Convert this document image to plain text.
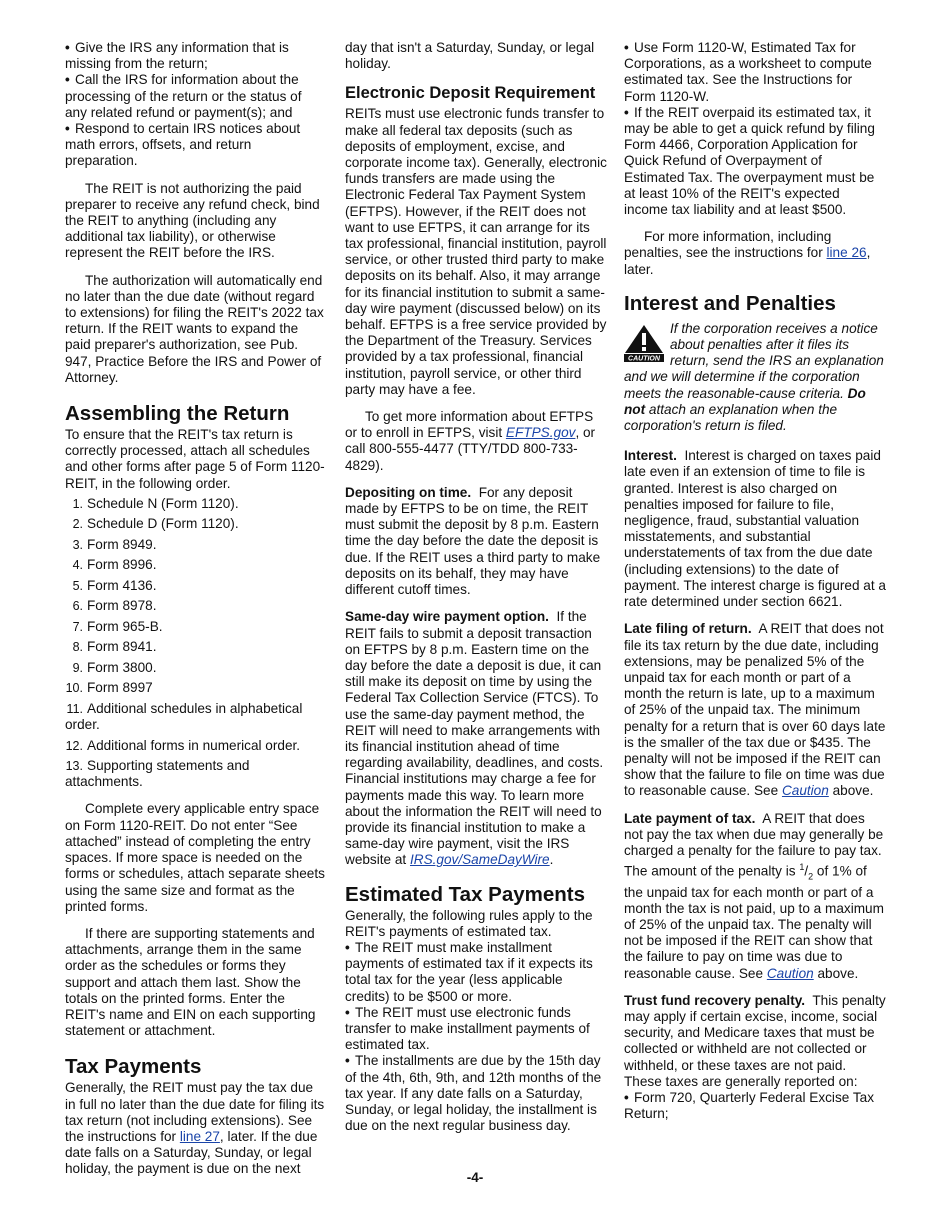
• Give the IRS any information that is missing from the return;

• Call the IRS for information about the processing of the return or the status of any related refund or payment(s); and

• Respond to certain IRS notices about math errors, offsets, and return preparation.

The REIT is not authorizing the paid preparer to receive any refund check, bind the REIT to anything (including any additional tax liability), or otherwise represent the REIT before the IRS.

The authorization will automatically end no later than the due date (without regard to extensions) for filing the REIT's 2022 tax return. If the REIT wants to expand the paid preparer's authorization, see Pub. 947, Practice Before the IRS and Power of Attorney.

Assembling the Return

To ensure that the REIT's tax return is correctly processed, attach all schedules and other forms after page 5 of Form 1120-REIT, in the following order.

1. Schedule N (Form 1120).
2. Schedule D (Form 1120).
3. Form 8949.
4. Form 8996.
5. Form 4136.
6. Form 8978.
7. Form 965-B.
8. Form 8941.
9. Form 3800.
10. Form 8997
11. Additional schedules in alphabetical order.
12. Additional forms in numerical order.
13. Supporting statements and attachments.

Complete every applicable entry space on Form 1120-REIT. Do not enter “See attached” instead of completing the entry spaces. If more space is needed on the forms or schedules, attach separate sheets using the same size and format as the printed forms.

If there are supporting statements and attachments, arrange them in the same order as the schedules or forms they support and attach them last. Show the totals on the printed forms. Enter the REIT's name and EIN on each supporting statement or attachment.

Tax Payments

Generally, the REIT must pay the tax due in full no later than the due date for filing its tax return (not including extensions). See the instructions for line 27, later. If the due date falls on a Saturday, Sunday, or legal holiday, the payment is due on the next

day that isn't a Saturday, Sunday, or legal holiday.

Electronic Deposit Requirement

REITs must use electronic funds transfer to make all federal tax deposits (such as deposits of employment, excise, and corporate income tax). Generally, electronic funds transfers are made using the Electronic Federal Tax Payment System (EFTPS). However, if the REIT does not want to use EFTPS, it can arrange for its tax professional, financial institution, payroll service, or other trusted third party to make deposits on its behalf. Also, it may arrange for its financial institution to submit a same-day wire payment (discussed below) on its behalf. EFTPS is a free service provided by the Department of the Treasury. Services provided by a tax professional, financial institution, payroll service, or other third party may have a fee.

To get more information about EFTPS or to enroll in EFTPS, visit EFTPS.gov, or call 800-555-4477 (TTY/TDD 800-733-4829).

Depositing on time. For any deposit made by EFTPS to be on time, the REIT must submit the deposit by 8 p.m. Eastern time the day before the date the deposit is due. If the REIT uses a third party to make deposits on its behalf, they may have different cutoff times.

Same-day wire payment option. If the REIT fails to submit a deposit transaction on EFTPS by 8 p.m. Eastern time on the day before the date a deposit is due, it can still make its deposit on time by using the Federal Tax Collection Service (FTCS). To use the same-day payment method, the REIT will need to make arrangements with its financial institution ahead of time regarding availability, deadlines, and costs. Financial institutions may charge a fee for payments made this way. To learn more about the information the REIT will need to provide its financial institution to make a same-day wire payment, visit the IRS website at IRS.gov/SameDayWire.

Estimated Tax Payments

Generally, the following rules apply to the REIT's payments of estimated tax.

• The REIT must make installment payments of estimated tax if it expects its total tax for the year (less applicable credits) to be $500 or more.

• The REIT must use electronic funds transfer to make installment payments of estimated tax.

• The installments are due by the 15th day of the 4th, 6th, 9th, and 12th months of the tax year. If any date falls on a Saturday, Sunday, or legal holiday, the installment is due on the next regular business day.

• Use Form 1120-W, Estimated Tax for Corporations, as a worksheet to compute estimated tax. See the Instructions for Form 1120-W.

• If the REIT overpaid its estimated tax, it may be able to get a quick refund by filing Form 4466, Corporation Application for Quick Refund of Overpayment of Estimated Tax. The overpayment must be at least 10% of the REIT's expected income tax liability and at least $500.

For more information, including penalties, see the instructions for line 26, later.

Interest and Penalties
CAUTION
If the corporation receives a notice about penalties after it files its return, send the IRS an explanation and we will determine if the corporation meets the reasonable-cause criteria. Do not attach an explanation when the corporation's return is filed.

Interest. Interest is charged on taxes paid late even if an extension of time to file is granted. Interest is also charged on penalties imposed for failure to file, negligence, fraud, substantial valuation misstatements, and substantial understatements of tax from the due date (including extensions) to the date of payment. The interest charge is figured at a rate determined under section 6621.

Late filing of return. A REIT that does not file its tax return by the due date, including extensions, may be penalized 5% of the unpaid tax for each month or part of a month the return is late, up to a maximum of 25% of the unpaid tax. The minimum penalty for a return that is over 60 days late is the smaller of the tax due or $435. The penalty will not be imposed if the REIT can show that the failure to file on time was due to reasonable cause. See Caution above.

Late payment of tax. A REIT that does not pay the tax when due may generally be charged a penalty for the failure to pay tax. The amount of the penalty is $^1/_2$ of 1% of the unpaid tax for each month or part of a month the tax is not paid, up to a maximum of 25% of the unpaid tax. The penalty will not be imposed if the REIT can show that the failure to pay on time was due to reasonable cause. See Caution above.

Trust fund recovery penalty. This penalty may apply if certain excise, income, social security, and Medicare taxes that must be collected or withheld are not collected or withheld, or these taxes are not paid. These taxes are generally reported on:

• Form 720, Quarterly Federal Excise Tax Return;

-4-
